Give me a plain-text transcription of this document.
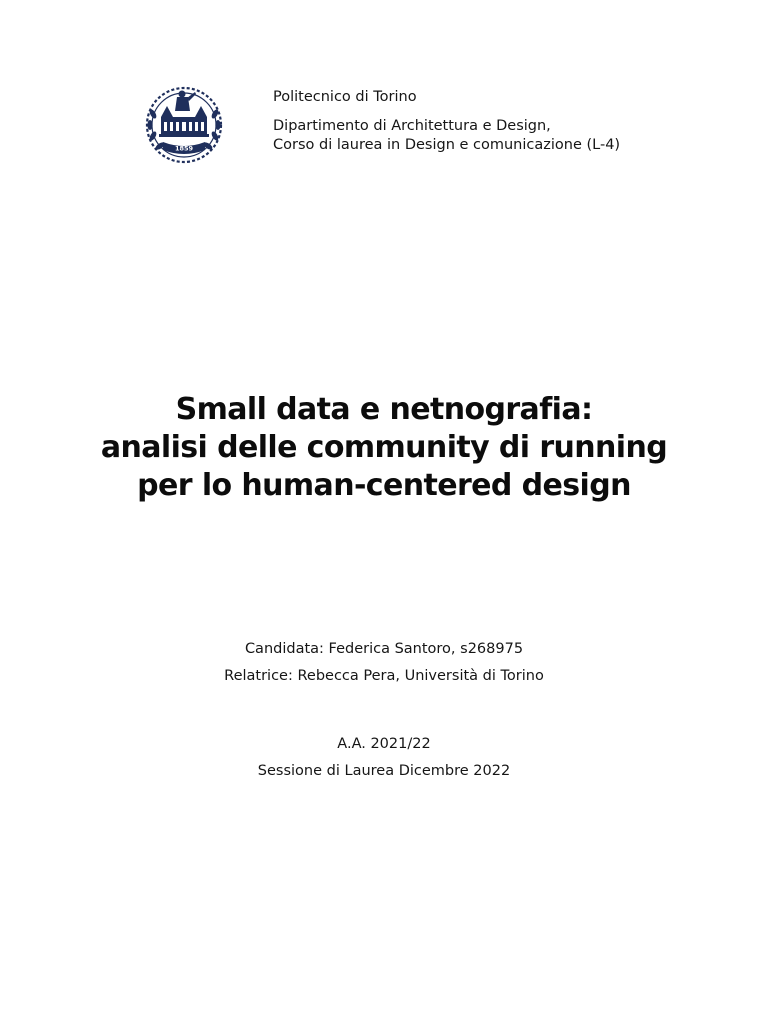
1859
Politecnico di Torino
Dipartimento di Architettura e Design,
Corso di laurea in Design e comunicazione (L-4)
Small data e netnografia:
analisi delle community di running
per lo human-centered design
Candidata: Federica Santoro, s268975
Relatrice: Rebecca Pera, Università di Torino
A.A. 2021/22
Sessione di Laurea Dicembre 2022
